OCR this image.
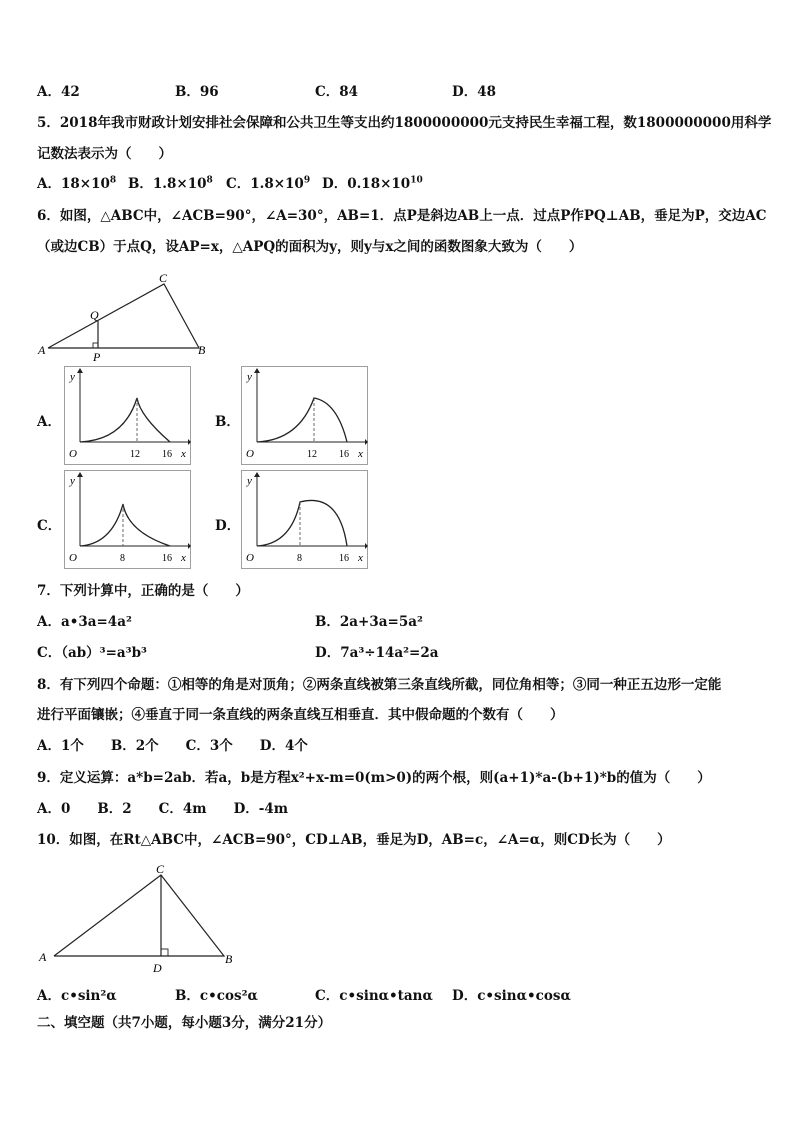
A．42	B．96	C．84	D．48
5．2018年我市财政计划安排社会保障和公共卫生等支出约1800000000元支持民生幸福工程，数1800000000用科学
记数法表示为（　　）
A．$18\times 10^8$ B．$1.8\times 10^8$ C．$1.8\times 10^9$ D．$0.18\times 10^{10}$
6．如图，△ABC中，∠ACB=90°，∠A=30°，AB=1．点P是斜边AB上一点．过点P作PQ⊥AB，垂足为P，交边AC
（或边CB）于点Q，设AP=x，△APQ的面积为y，则y与x之间的函数图象大致为（　　）
A	B
C
P
Q
A．	B．
C．	D．
y
O	12 16 x
y
O	12 16 x
y
O	8	16 x
y
O	8	16 x
7．下列计算中，正确的是（　　）
A．a•3a=4a²	B．2a+3a=5a²
C．（ab）³=a³b³	D．7a³÷14a²=2a
8．有下列四个命题：①相等的角是对顶角；②两条直线被第三条直线所截，同位角相等；③同一种正五边形一定能
进行平面镶嵌；④垂直于同一条直线的两条直线互相垂直．其中假命题的个数有（　　）
A．1个　　B．2个　　C．3个　　D．4个
9．定义运算：a*b=2ab．若a，b是方程x²+x-m=0(m>0)的两个根，则(a+1)*a-(b+1)*b的值为（　　）
A．0　　B．2　　C．4m　　D．-4m
10．如图，在Rt△ABC中，∠ACB=90°，CD⊥AB，垂足为D，AB=c，∠A=α，则CD长为（　　）
A	B
C
D
A．c•sin²α	B．c•cos²α	C．c•sinα•tanα D．c•sinα•cosα
二、填空题（共7小题，每小题3分，满分21分）
